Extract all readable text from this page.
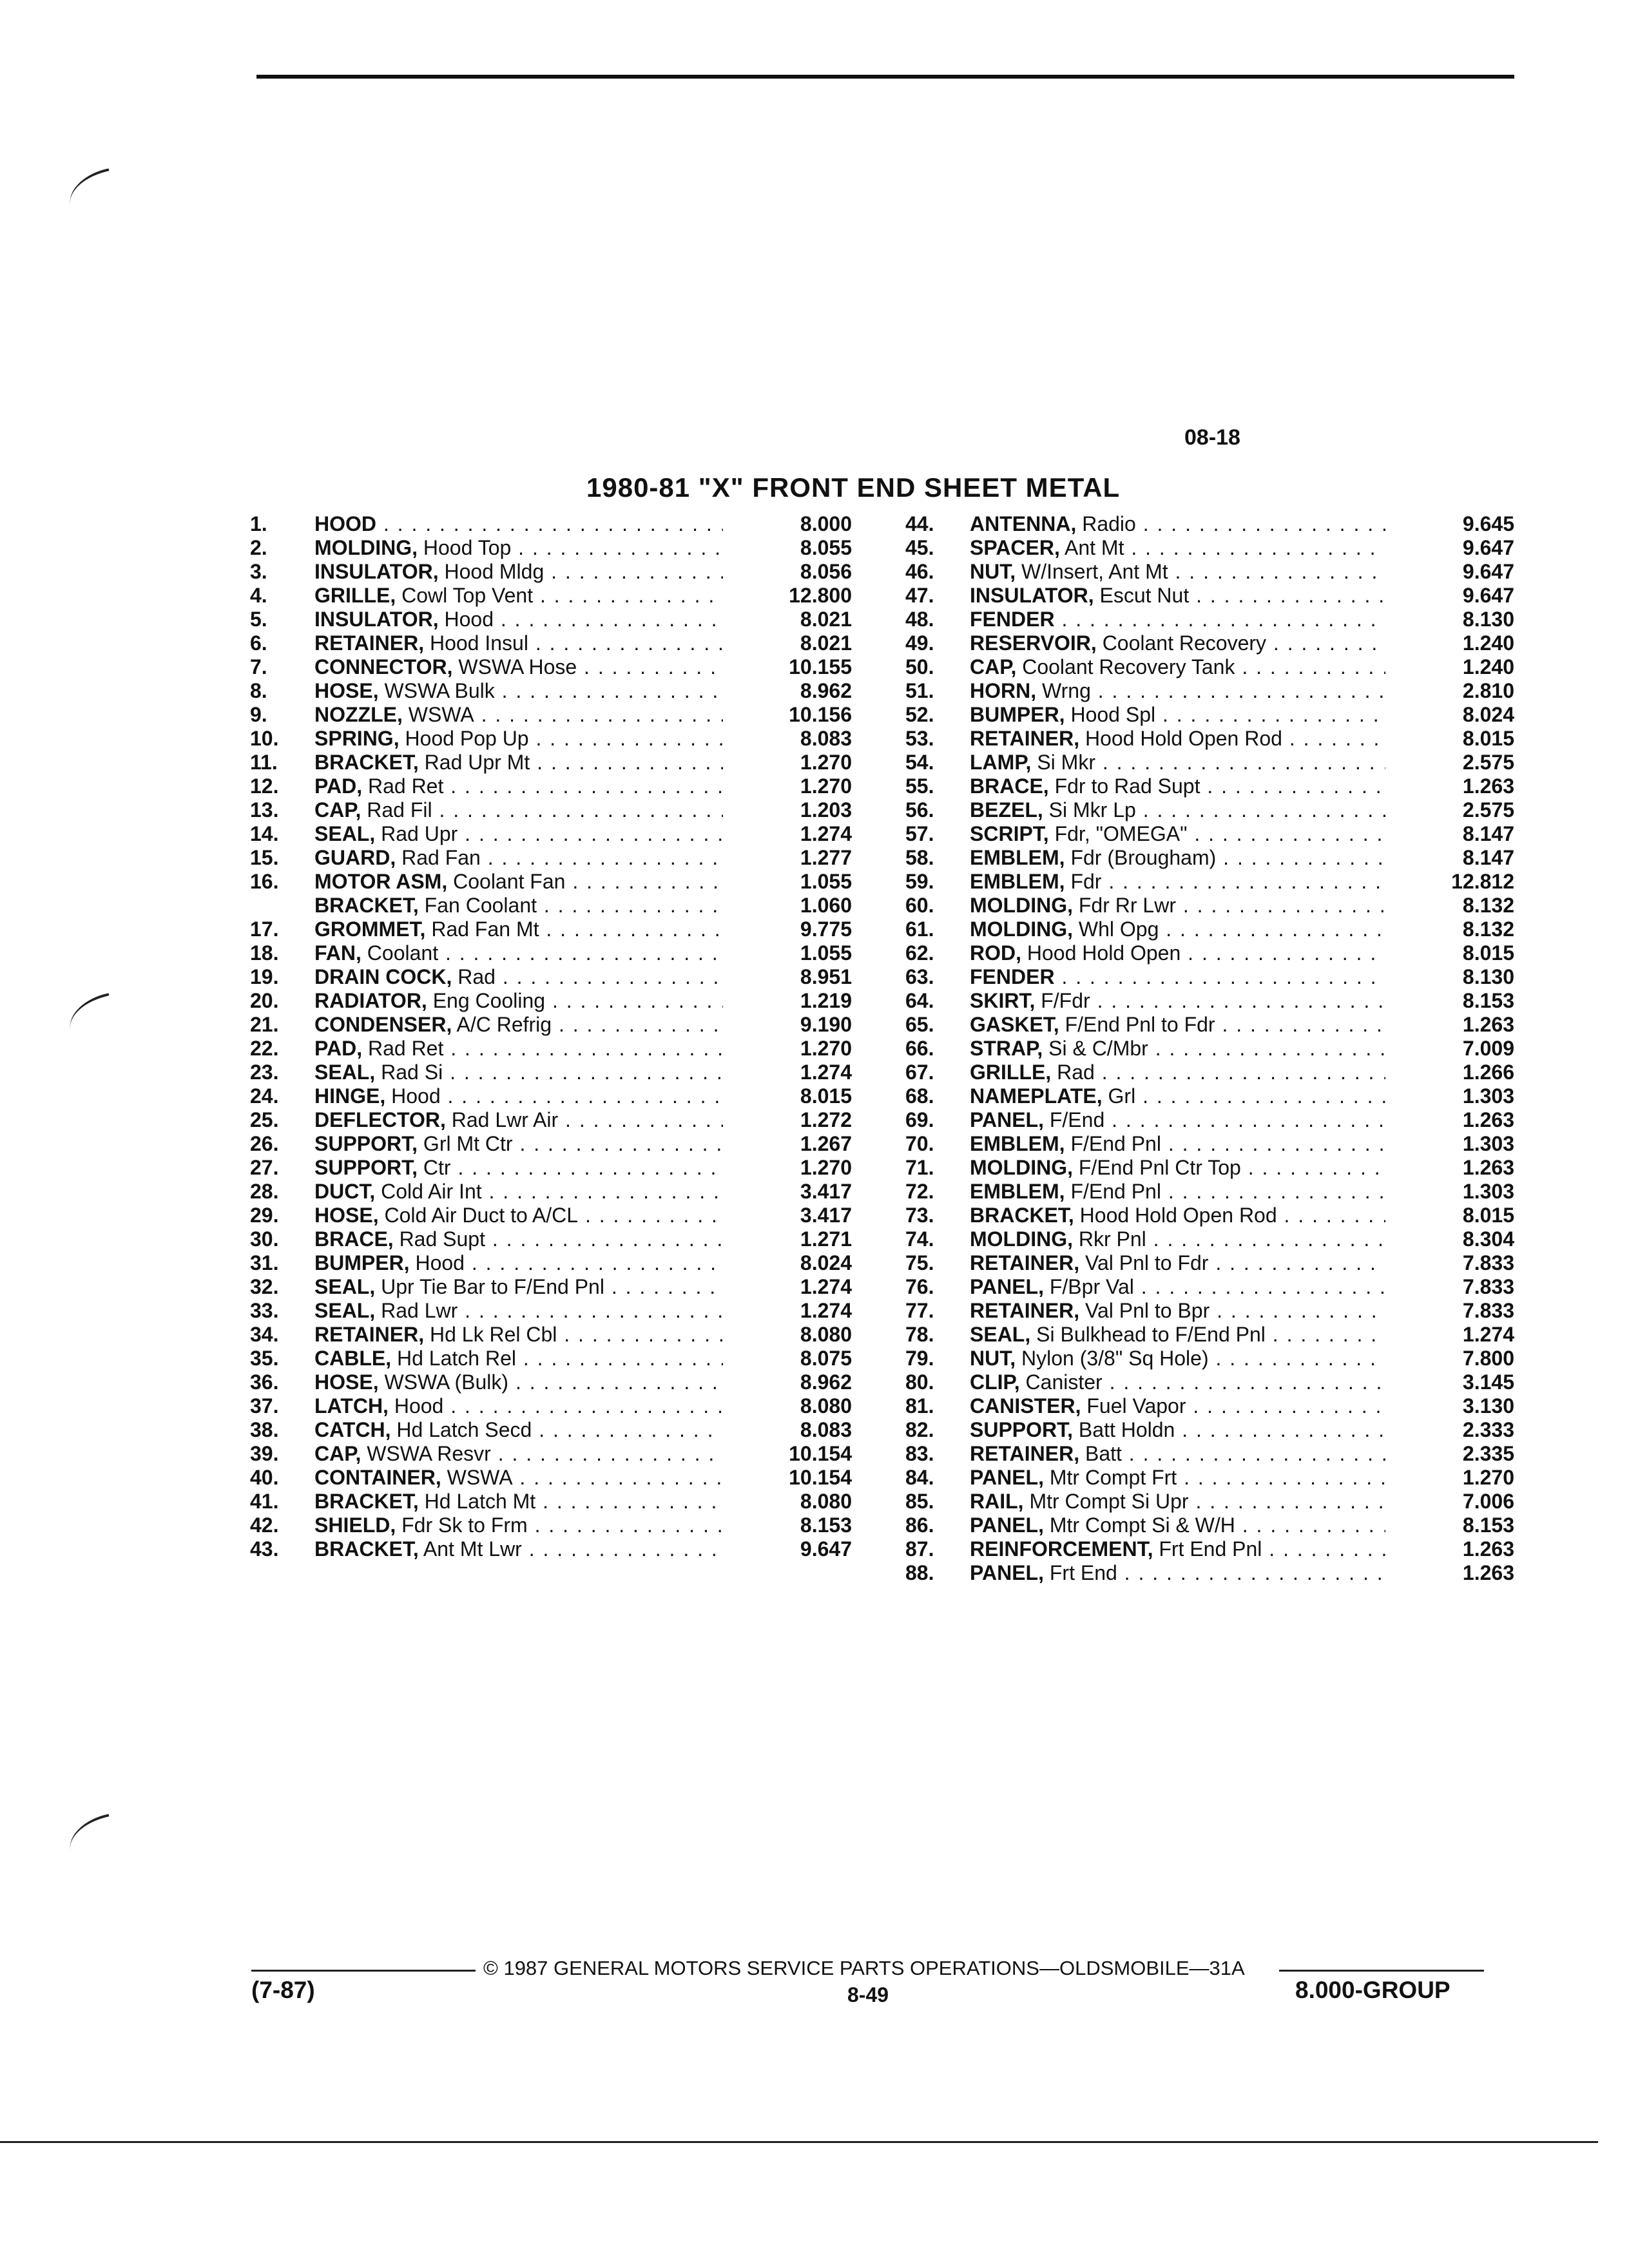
08-18
1980-81 "X" FRONT END SHEET METAL
1.	HOOD . . .	8.000
2.	MOLDING, Hood Top . . .	8.055
3.	INSULATOR, Hood Mldg . . .	8.056
4.	GRILLE, Cowl Top Vent . . .	12.800
5.	INSULATOR, Hood . . .	8.021
6.	RETAINER, Hood Insul . . .	8.021
7.	CONNECTOR, WSWA Hose . . .	10.155
8.	HOSE, WSWA Bulk . . .	8.962
9.	NOZZLE, WSWA . . .	10.156
10.	SPRING, Hood Pop Up . . .	8.083
11.	BRACKET, Rad Upr Mt . . .	1.270
12.	PAD, Rad Ret . . .	1.270
13.	CAP, Rad Fil . . .	1.203
14.	SEAL, Rad Upr . . .	1.274
15.	GUARD, Rad Fan . . .	1.277
16.	MOTOR ASM, Coolant Fan . . .	1.055
BRACKET, Fan Coolant . . .	1.060
17.	GROMMET, Rad Fan Mt . . .	9.775
18.	FAN, Coolant . . .	1.055
19.	DRAIN COCK, Rad . . .	8.951
20.	RADIATOR, Eng Cooling . . .	1.219
21.	CONDENSER, A/C Refrig . . .	9.190
22.	PAD, Rad Ret . . .	1.270
23.	SEAL, Rad Si . . .	1.274
24.	HINGE, Hood . . .	8.015
25.	DEFLECTOR, Rad Lwr Air . . .	1.272
26.	SUPPORT, Grl Mt Ctr . . .	1.267
27.	SUPPORT, Ctr . . .	1.270
28.	DUCT, Cold Air Int . . .	3.417
29.	HOSE, Cold Air Duct to A/CL . . .	3.417
30.	BRACE, Rad Supt . . .	1.271
31.	BUMPER, Hood . . .	8.024
32.	SEAL, Upr Tie Bar to F/End Pnl . . .	1.274
33.	SEAL, Rad Lwr . . .	1.274
34.	RETAINER, Hd Lk Rel Cbl . . .	8.080
35.	CABLE, Hd Latch Rel . . .	8.075
36.	HOSE, WSWA (Bulk) . . .	8.962
37.	LATCH, Hood . . .	8.080
38.	CATCH, Hd Latch Secd . . .	8.083
39.	CAP, WSWA Resvr . . .	10.154
40.	CONTAINER, WSWA . . .	10.154
41.	BRACKET, Hd Latch Mt . . .	8.080
42.	SHIELD, Fdr Sk to Frm . . .	8.153
43.	BRACKET, Ant Mt Lwr . . .	9.647
44.	ANTENNA, Radio . . .	9.645
45.	SPACER, Ant Mt . . .	9.647
46.	NUT, W/Insert, Ant Mt . . .	9.647
47.	INSULATOR, Escut Nut . . .	9.647
48.	FENDER . . .	8.130
49.	RESERVOIR, Coolant Recovery . . .	1.240
50.	CAP, Coolant Recovery Tank . . .	1.240
51.	HORN, Wrng . . .	2.810
52.	BUMPER, Hood Spl . . .	8.024
53.	RETAINER, Hood Hold Open Rod . . .	8.015
54.	LAMP, Si Mkr . . .	2.575
55.	BRACE, Fdr to Rad Supt . . .	1.263
56.	BEZEL, Si Mkr Lp . . .	2.575
57.	SCRIPT, Fdr, "OMEGA" . . .	8.147
58.	EMBLEM, Fdr (Brougham) . . .	8.147
59.	EMBLEM, Fdr . . .	12.812
60.	MOLDING, Fdr Rr Lwr . . .	8.132
61.	MOLDING, Whl Opg . . .	8.132
62.	ROD, Hood Hold Open . . .	8.015
63.	FENDER . . .	8.130
64.	SKIRT, F/Fdr . . .	8.153
65.	GASKET, F/End Pnl to Fdr . . .	1.263
66.	STRAP, Si & C/Mbr . . .	7.009
67.	GRILLE, Rad . . .	1.266
68.	NAMEPLATE, Grl . . .	1.303
69.	PANEL, F/End . . .	1.263
70.	EMBLEM, F/End Pnl . . .	1.303
71.	MOLDING, F/End Pnl Ctr Top . . .	1.263
72.	EMBLEM, F/End Pnl . . .	1.303
73.	BRACKET, Hood Hold Open Rod . . .	8.015
74.	MOLDING, Rkr Pnl . . .	8.304
75.	RETAINER, Val Pnl to Fdr . . .	7.833
76.	PANEL, F/Bpr Val . . .	7.833
77.	RETAINER, Val Pnl to Bpr . . .	7.833
78.	SEAL, Si Bulkhead to F/End Pnl . . .	1.274
79.	NUT, Nylon (3/8" Sq Hole) . . .	7.800
80.	CLIP, Canister . . .	3.145
81.	CANISTER, Fuel Vapor . . .	3.130
82.	SUPPORT, Batt Holdn . . .	2.333
83.	RETAINER, Batt . . .	2.335
84.	PANEL, Mtr Compt Frt . . .	1.270
85.	RAIL, Mtr Compt Si Upr . . .	7.006
86.	PANEL, Mtr Compt Si & W/H . . .	8.153
87.	REINFORCEMENT, Frt End Pnl . . .	1.263
88.	PANEL, Frt End . . .	1.263
© 1987 GENERAL MOTORS SERVICE PARTS OPERATIONS—OLDSMOBILE—31A
(7-87)	8-49	8.000-GROUP
